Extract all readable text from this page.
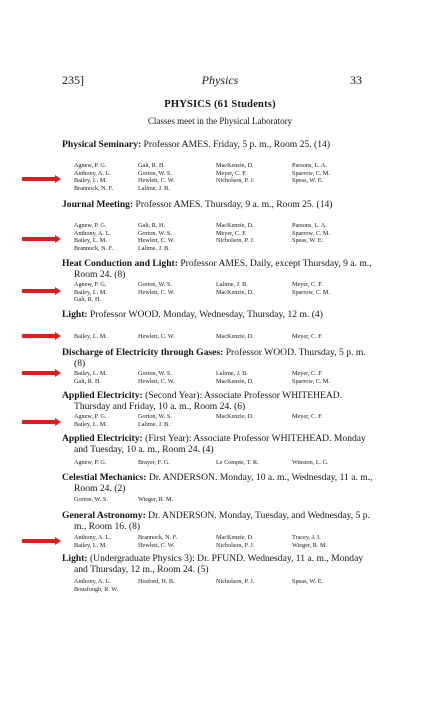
235]	Physics	33
PHYSICS (61 Students)
Classes meet in the Physical Laboratory

Physical Seminary: Professor AMES. Friday, 5 p. m., Room 25. (14)

Agnew, P. G.	Galt, R. H.	MacKenzie, D.	Parsons, L. A.
Anthony, A. L.	Gorton, W. S.	Meyer, C. F.	Sparrow, C. M.
Bailey, L. M.	Hewlett, C. W.	Nicholson, P. J.	Speas, W. E.
Brannock, N. F.	Lalime, J. B.

Journal Meeting: Professor AMES. Thursday, 9 a. m., Room 25. (14)

Agnew, P. G.	Galt, R. H.	MacKenzie, D.	Parsons, L. A.
Anthony, A. L.	Gorton, W. S.	Meyer, C. F.	Sparrow, C. M.
Bailey, L. M.	Hewlett, C. W.	Nicholson, P. J.	Speas, W. E.
Brannock, N. F.	Lalime, J. B.

Heat Conduction and Light: Professor AMES. Daily, except Thursday, 9 a. m., Room 24. (8)

Agnew, P. G.	Gorton, W. S.	Lalime, J. B.	Meyer, C. F.
Bailey, L. M.	Hewlett, C. W.	MacKenzie, D.	Sparrow, C. M.
Galt, R. H.

Light: Professor WOOD. Monday, Wednesday, Thursday, 12 m. (4)

Bailey, L. M.	Hewlett, C. W.	MacKenzie, D.	Meyer, C. F.

Discharge of Electricity through Gases: Professor WOOD. Thursday, 5 p. m. (8)

Bailey, L. M.	Gorton, W. S.	Lalime, J. B.	Meyer, C. F.
Galt, R. H.	Hewlett, C. W.	MacKenzie, D.	Sparrow, C. M.

Applied Electricity: (Second Year): Associate Professor WHITEHEAD. Thursday and Friday, 10 a. m., Room 24. (6)

Agnew, P. G.	Gorton, W. S.	MacKenzie, D.	Meyer, C. F.
Bailey, L. M.	Lalime, J. B.

Applied Electricity: (First Year): Associate Professor WHITEHEAD. Monday and Tuesday, 10 a. m., Room 24. (4)

Agnew, P. G.	Brayer, F. G.	Le Compte, T. R.	Winston, L. G.

Celestial Mechanics: Dr. ANDERSON. Monday, 10 a. m., Wednesday, 11 a. m., Room 24. (2)

Gorton, W. S.	Wieger, R. M.

General Astronomy: Dr. ANDERSON. Monday, Tuesday, and Wednesday, 5 p. m., Room 16. (8)

Anthony, A. L.	Brannock, N. F.	MacKenzie, D.	Tracey, J. I.
Bailey, L. M.	Hewlett, C. W.	Nicholson, P. J.	Wieger, R. M.

Light: (Undergraduate Physics 3): Dr. PFUND. Wednesday, 11 a. m., Monday and Thursday, 12 m., Room 24. (5)

Anthony, A. L.	Hosford, H. B.	Nicholson, P. J.	Speas, W. E.
Bousfough, R. W.
